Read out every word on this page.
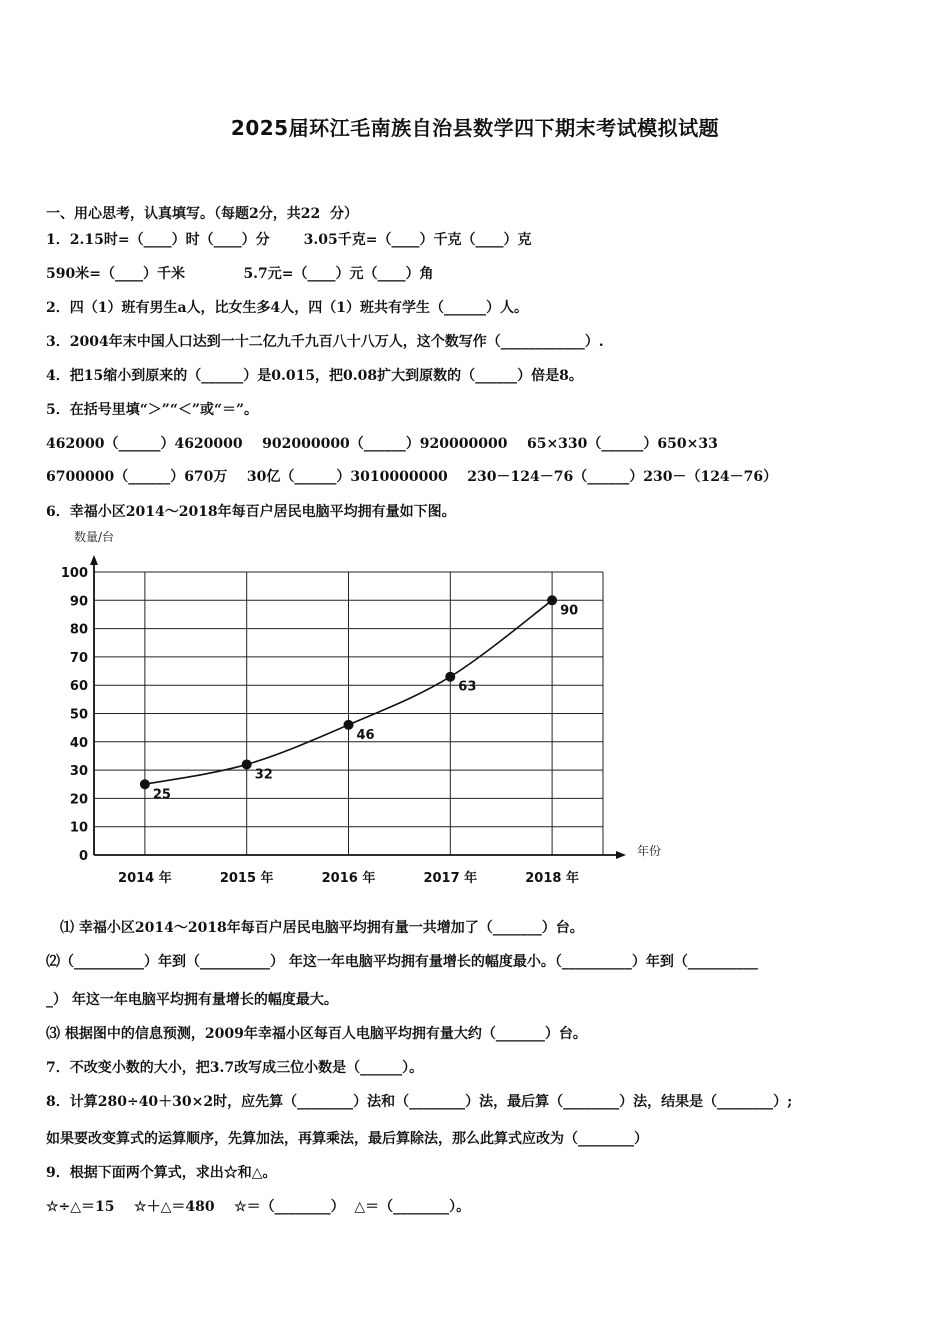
2025届环江毛南族自治县数学四下期末考试模拟试题
一、用心思考，认真填写。（每题2分，共22  分）
1．2.15时=（____）时（____）分       3.05千克=（____）千克（____）克
590米=（____）千米            5.7元=（____）元（____）角
2．四（1）班有男生a人，比女生多4人，四（1）班共有学生（______）人。
3．2004年末中国人口达到一十二亿九千九百八十八万人，这个数写作（____________）.
4．把15缩小到原来的（______）是0.015，把0.08扩大到原数的（______）倍是8。
5．在括号里填“＞”“＜”或“＝”。
462000（______）4620000    902000000（______）920000000    65×330（______）650×33
6700000（______）670万    30亿（______）3010000000    230－124－76（______）230－（124－76）
6．幸福小区2014～2018年每百户居民电脑平均拥有量如下图。
0
10
20
30
40
50
60
70
80
90
100
2014 年	2015 年	2016 年	2017 年	2018 年
25
32
46
63
90
数量/台
年份
⑴ 幸福小区2014～2018年每百户居民电脑平均拥有量一共增加了（_______）台。
⑵（__________）年到（__________） 年这一年电脑平均拥有量增长的幅度最小。（__________）年到（__________
_） 年这一年电脑平均拥有量增长的幅度最大。
⑶ 根据图中的信息预测，2009年幸福小区每百人电脑平均拥有量大约（_______）台。
7．不改变小数的大小，把3.7改写成三位小数是（______）。
8．计算280÷40＋30×2时，应先算（________）法和（________）法，最后算（________）法，结果是（________）;
如果要改变算式的运算顺序，先算加法，再算乘法，最后算除法，那么此算式应改为（________）
9．根据下面两个算式，求出☆和△。
☆÷△＝15    ☆＋△＝480    ☆＝（________）  △＝（________）。
